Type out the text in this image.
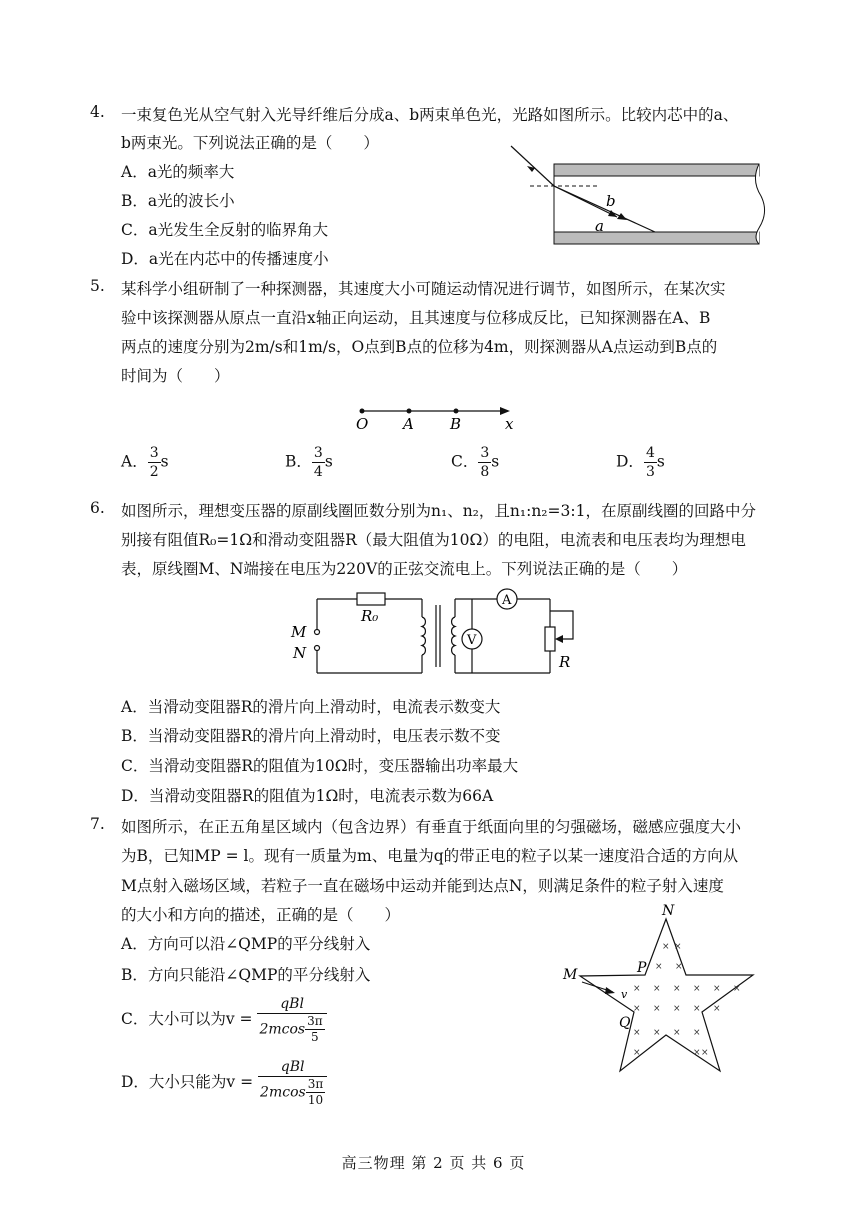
4. 一束复色光从空气射入光导纤维后分成a、b两束单色光，光路如图所示。比较内芯中的a、
b两束光。下列说法正确的是（　　）
A．a光的频率大
B．a光的波长小
C．a光发生全反射的临界角大
D．a光在内芯中的传播速度小
b
a
5. 某科学小组研制了一种探测器，其速度大小可随运动情况进行调节，如图所示，在某次实
验中该探测器从原点一直沿x轴正向运动，且其速度与位移成反比，已知探测器在A、B
两点的速度分别为2m/s和1m/s，O点到B点的位移为4m，则探测器从A点运动到B点的
时间为（　　）
O A B	x
A． $\frac{3}{2}$ s	B． $\frac{3}{4}$ s	C． $\frac{3}{8}$ s	D． $\frac{4}{3}$ s
6. 如图所示，理想变压器的原副线圈匝数分别为n₁、n₂，且n₁:n₂=3:1，在原副线圈的回路中分
别接有阻值R₀=1Ω和滑动变阻器R（最大阻值为10Ω）的电阻，电流表和电压表均为理想电
表，原线圈M、N端接在电压为220V的正弦交流电上。下列说法正确的是（　　）
A
V
R₀
M
N	R
A．当滑动变阻器R的滑片向上滑动时，电流表示数变大
B．当滑动变阻器R的滑片向上滑动时，电压表示数不变
C．当滑动变阻器R的阻值为10Ω时，变压器输出功率最大
D．当滑动变阻器R的阻值为1Ω时，电流表示数为66A
7. 如图所示，在正五角星区域内（包含边界）有垂直于纸面向里的匀强磁场，磁感应强度大小
为B，已知MP = l。现有一质量为m、电量为q的带正电的粒子以某一速度沿合适的方向从
M点射入磁场区域，若粒子一直在磁场中运动并能到达点N，则满足条件的粒子射入速度
的大小和方向的描述，正确的是（　　）
A．方向可以沿∠QMP的平分线射入
B．方向只能沿∠QMP的平分线射入
C．大小可以为$v = \frac{\text{qBl}}{2mcos \frac{3\pi}{5}}$
D．大小只能为$v = \frac{\text{qBl}}{2mcos \frac{3\pi}{10}}$
N
M	P
Q
v
× ×
× ×
× × × × × ×
× × × × ×
× × × ×
×	× ×
高三物理 第 2 页 共 6 页
